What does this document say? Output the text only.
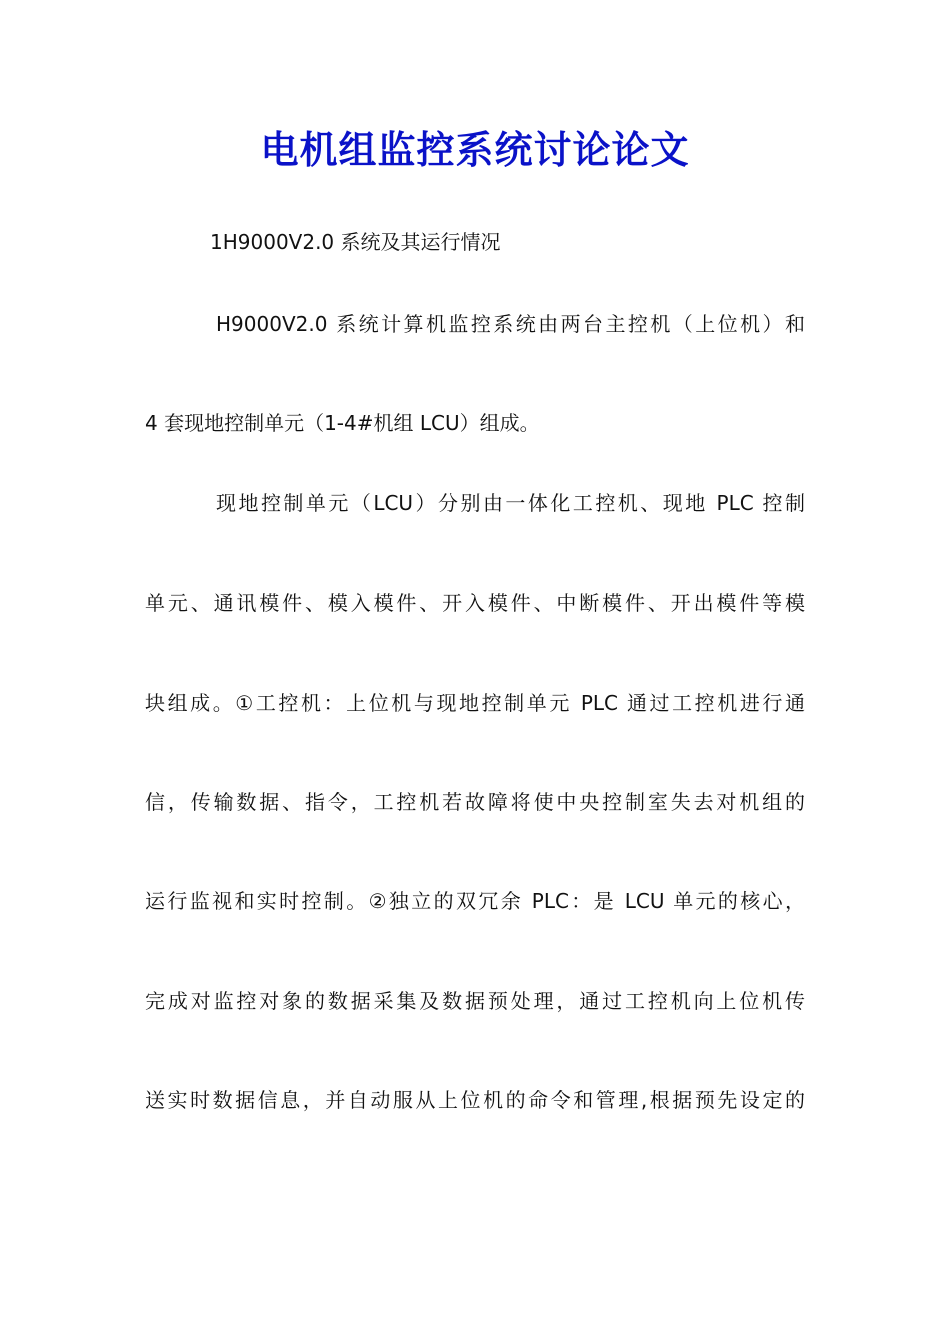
电机组监控系统讨论论文
1H9000V2.0 系统及其运行情况
H9000V2.0 系统计算机监控系统由两台主控机（上位机）和
4 套现地控制单元（1-4#机组 LCU）组成。
现地控制单元（LCU）分别由一体化工控机、现地 PLC 控制
单元、通讯模件、模入模件、开入模件、中断模件、开出模件等模
块组成。①工控机：上位机与现地控制单元 PLC 通过工控机进行通
信，传输数据、指令，工控机若故障将使中央控制室失去对机组的
运行监视和实时控制。②独立的双冗余 PLC：是 LCU 单元的核心，
完成对监控对象的数据采集及数据预处理，通过工控机向上位机传
送实时数据信息，并自动服从上位机的命令和管理,根据预先设定的
